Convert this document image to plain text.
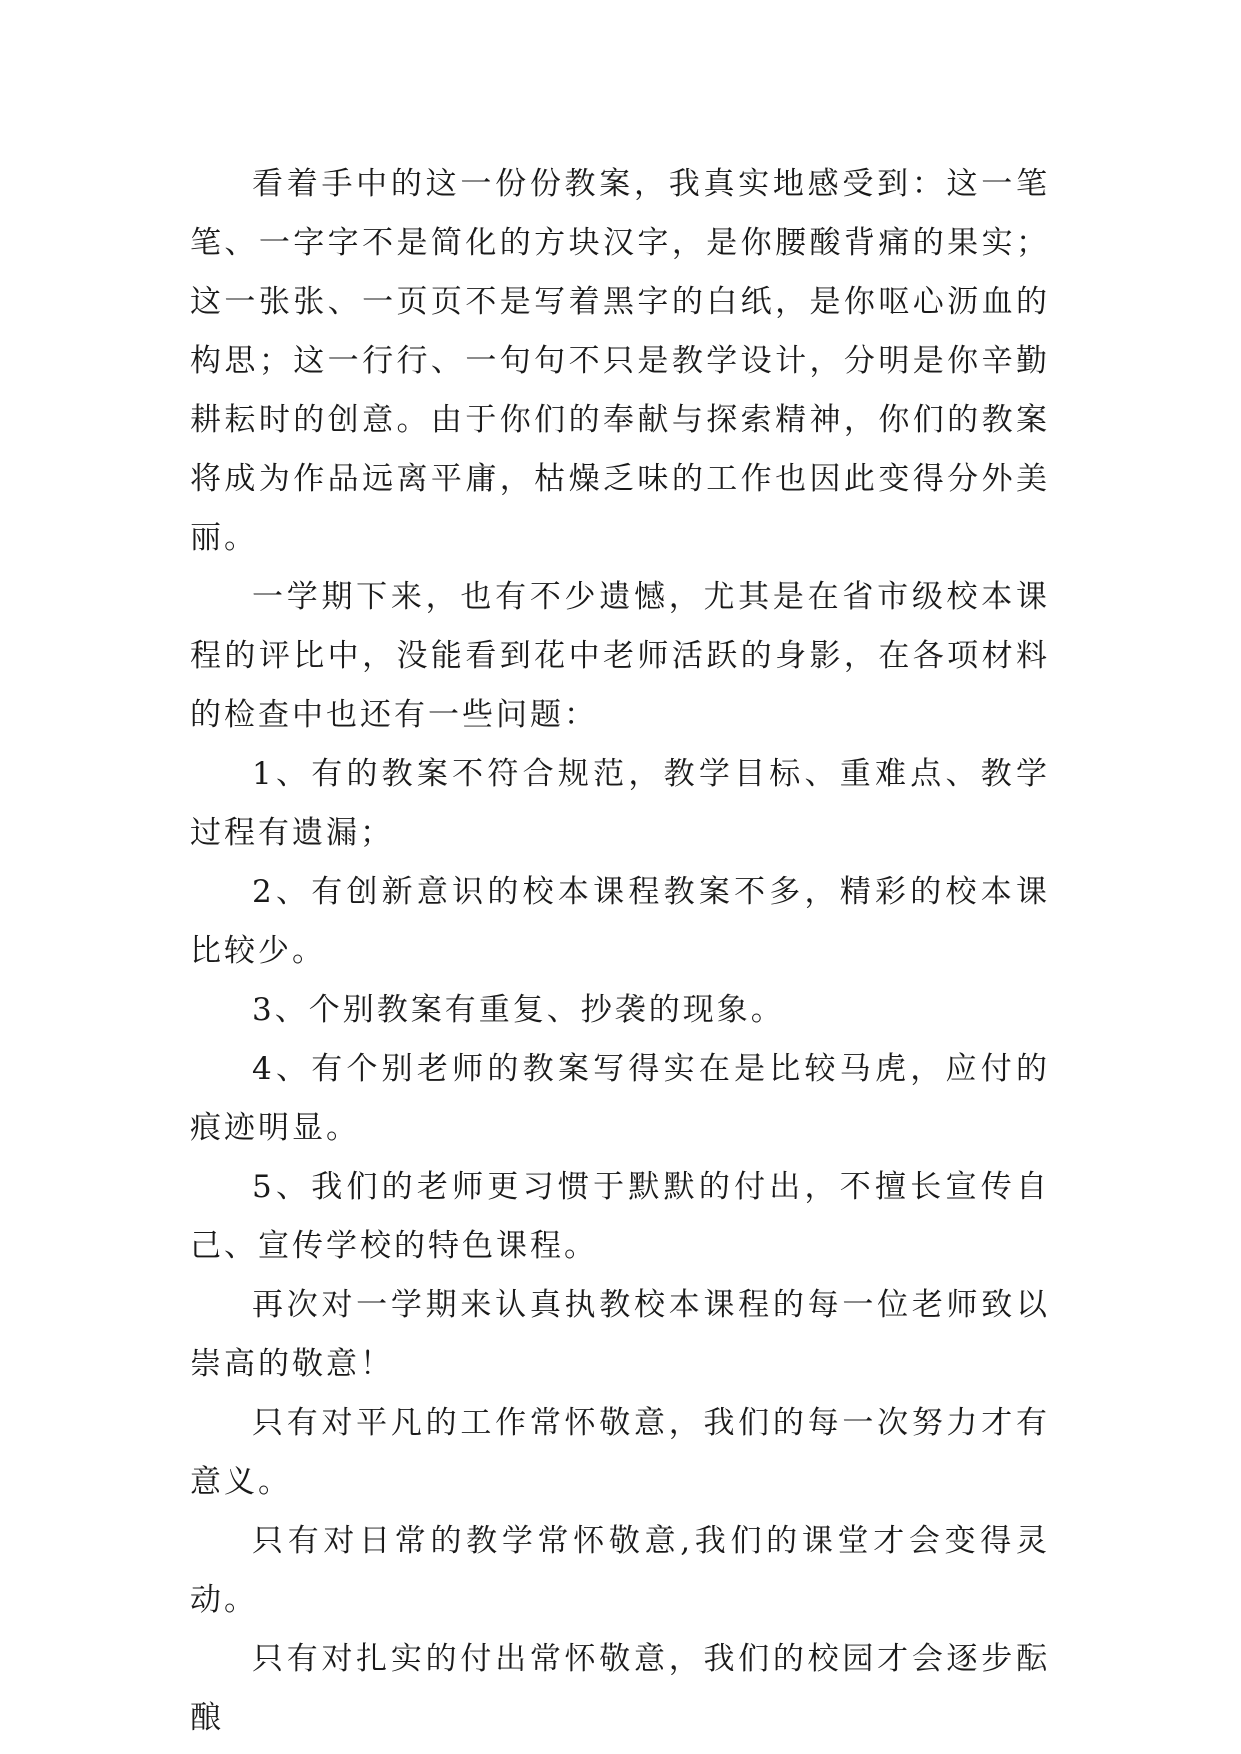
看着手中的这一份份教案，我真实地感受到：这一笔笔、一字字不是简化的方块汉字，是你腰酸背痛的果实；这一张张、一页页不是写着黑字的白纸，是你呕心沥血的构思；这一行行、一句句不只是教学设计，分明是你辛勤耕耘时的创意。由于你们的奉献与探索精神，你们的教案将成为作品远离平庸，枯燥乏味的工作也因此变得分外美丽。

一学期下来，也有不少遗憾，尤其是在省市级校本课程的评比中，没能看到花中老师活跃的身影，在各项材料的检查中也还有一些问题：

1、有的教案不符合规范，教学目标、重难点、教学过程有遗漏；

2、有创新意识的校本课程教案不多，精彩的校本课比较少。

3、个别教案有重复、抄袭的现象。

4、有个别老师的教案写得实在是比较马虎，应付的痕迹明显。

5、我们的老师更习惯于默默的付出，不擅长宣传自己、宣传学校的特色课程。

再次对一学期来认真执教校本课程的每一位老师致以崇高的敬意！

只有对平凡的工作常怀敬意，我们的每一次努力才有意义。

只有对日常的教学常怀敬意,我们的课堂才会变得灵动。

只有对扎实的付出常怀敬意，我们的校园才会逐步酝酿
